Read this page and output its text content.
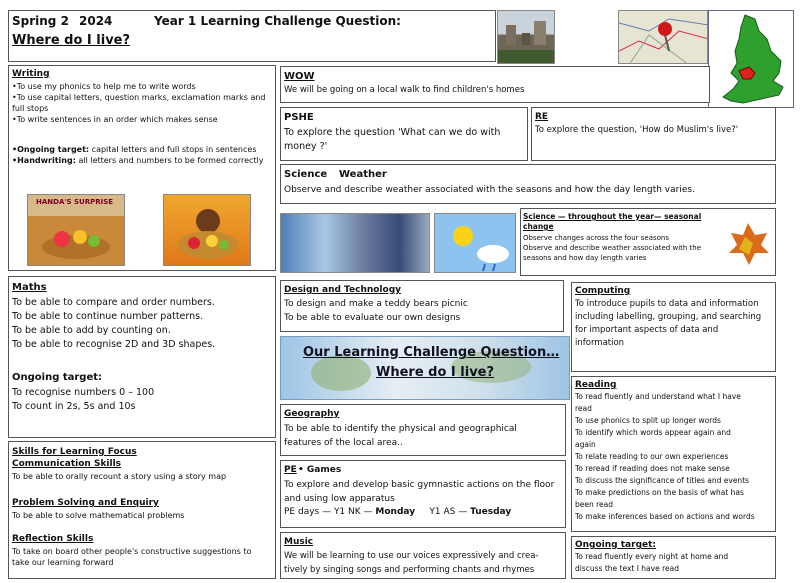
Spring 2 2024	Year 1 Learning Challenge Question:
Where do I live?
Writing

•To use my phonics to help me to write words

•To use capital letters, question marks, exclamation marks and

full stops

•To write sentences in an order which makes sense

•Ongoing target: capital letters and full stops in sentences

•Handwriting: all letters and numbers to be formed correctly

HANDA'S SURPRISE
Maths

To be able to compare and order numbers.

To be able to continue number patterns.

To be able to add by counting on.

To be able to recognise 2D and 3D shapes.

Ongoing target:

To recognise numbers 0 – 100

To count in 2s, 5s and 10s

Skills for Learning Focus
Communication Skills
To be able to orally recount a story using a story map
Problem Solving and Enquiry
To be able to solve mathematical problems
Reflection Skills

To take on board other people's constructive suggestions to

take our learning forward

WOW
We will be going on a local walk to find children's homes
PSHE

To explore the question 'What can we do with

money ?'

RE
To explore the question, 'How do Muslim's live?'
Science Weather
Observe and describe weather associated with the seasons and how the day length varies.

Science — throughout the year— seasonal

change

Observe changes across the four seasons

Observe and describe weather associated with the

seasons and how day length varies

Design and Technology

To design and make a teddy bears picnic

To be able to evaluate our own designs

Computing

To introduce pupils to data and information

including labelling, grouping, and searching

for important aspects of data and

information

Our Learning Challenge Question…
Where do I live?
Geography

To be able to identify the physical and geographical

features of the local area..

PE • Games

To explore and develop basic gymnastic actions on the floor

and using low apparatus

PE days — Y1 NK — Monday     Y1 AS — Tuesday
Music

We will be learning to use our voices expressively and crea-

tively by singing songs and performing chants and rhymes

Reading

To read fluently and understand what I have

read

To use phonics to split up longer words

To identify which words appear again and

again

To relate reading to our own experiences

To reread if reading does not make sense

To discuss the significance of titles and events

To make predictions on the basis of what has

been read

To make inferences based on actions and words

Ongoing target:

To read fluently every night at home and

discuss the text I have read
